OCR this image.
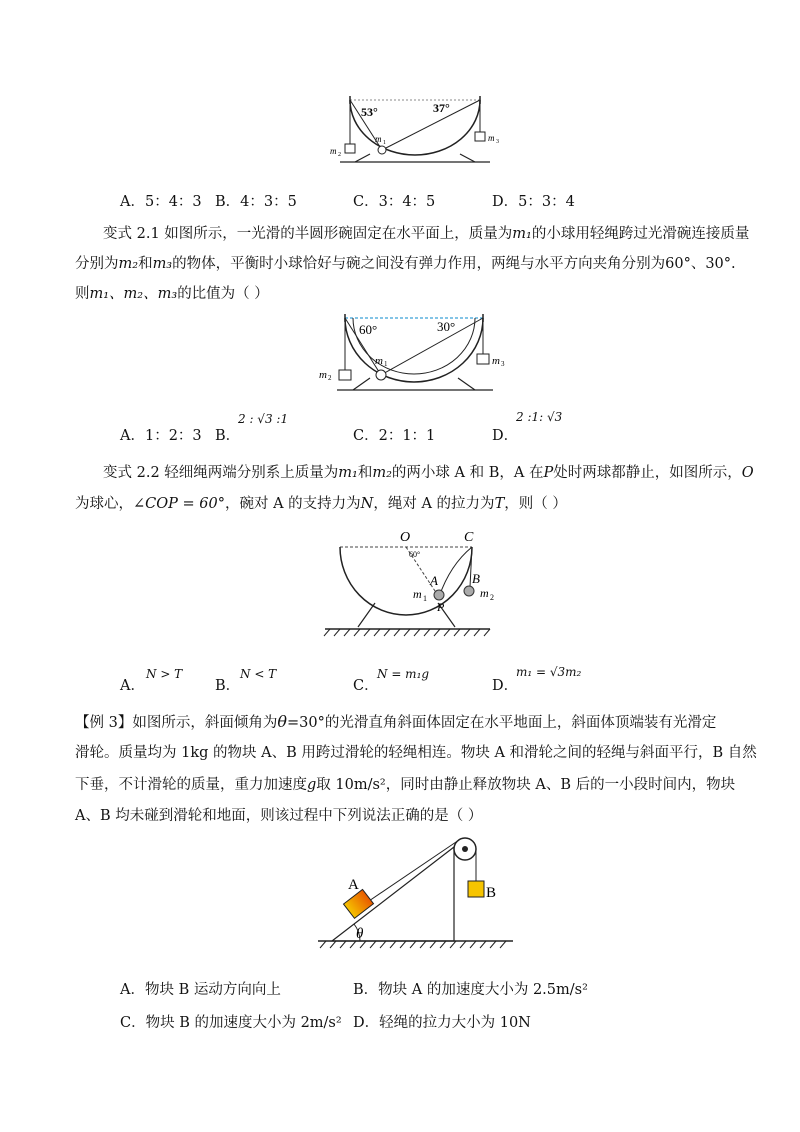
53°	37°
m 1
m 2
m 3
A．5：4：3 B．4：3：5	C．3：4：5	D．5：3：4
变式 2.1 如图所示，一光滑的半圆形碗固定在水平面上，质量为m₁的小球用轻绳跨过光滑碗连接质量
分别为m₂和m₃的物体，平衡时小球恰好与碗之间没有弹力作用，两绳与水平方向夹角分别为60°、30°.
则m₁、m₂、m₃的比值为（ ）
60°	30°
m 1
m 2
m 3
A．1：2：3 B．
2 : √3 :1
C．2：1：1	D．
2 :1: √3
变式 2.2 轻细绳两端分别系上质量为m₁和m₂的两小球 A 和 B，A 在P处时两球都静止，如图所示，O
为球心，∠COP = 60°，碗对 A 的支持力为N，绳对 A 的拉力为T，则（ ）
O	C
60°
A	B
P
m 1	m 2
A．
N > T
B．
N < T
C．
N = m₁g
D．
m₁ = √3m₂
【例 3】如图所示，斜面倾角为θ=30°的光滑直角斜面体固定在水平地面上，斜面体顶端装有光滑定
滑轮。质量均为 1kg 的物块 A、B 用跨过滑轮的轻绳相连。物块 A 和滑轮之间的轻绳与斜面平行，B 自然
下垂，不计滑轮的质量，重力加速度g取 10m/s²，同时由静止释放物块 A、B 后的一小段时间内，物块
A、B 均未碰到滑轮和地面，则该过程中下列说法正确的是（ ）
A	B
θ
A．物块 B 运动方向向上	B．物块 A 的加速度大小为 2.5m/s²
C．物块 B 的加速度大小为 2m/s² D．轻绳的拉力大小为 10N
